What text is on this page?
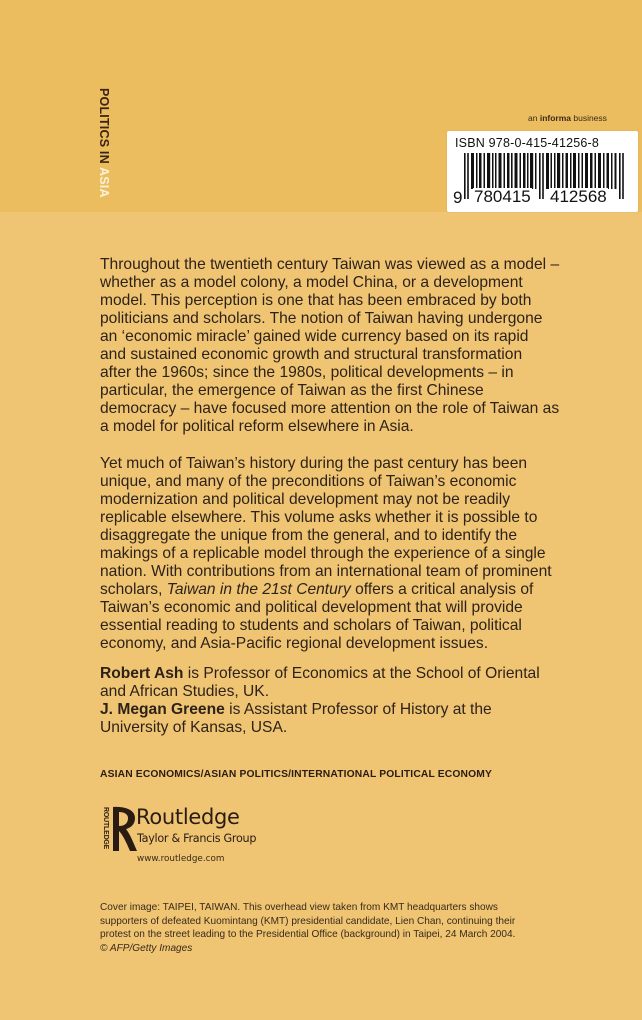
POLITICS IN ASIA
an informa business
ISBN 978-0-415-41256-8
9 780415 412568
Throughout the twentieth century Taiwan was viewed as a model –
whether as a model colony, a model China, or a development
model. This perception is one that has been embraced by both
politicians and scholars. The notion of Taiwan having undergone
an ‘economic miracle’ gained wide currency based on its rapid
and sustained economic growth and structural transformation
after the 1960s; since the 1980s, political developments – in
particular, the emergence of Taiwan as the first Chinese
democracy – have focused more attention on the role of Taiwan as
a model for political reform elsewhere in Asia.
Yet much of Taiwan’s history during the past century has been
unique, and many of the preconditions of Taiwan’s economic
modernization and political development may not be readily
replicable elsewhere. This volume asks whether it is possible to
disaggregate the unique from the general, and to identify the
makings of a replicable model through the experience of a single
nation. With contributions from an international team of prominent
scholars, Taiwan in the 21st Century offers a critical analysis of
Taiwan’s economic and political development that will provide
essential reading to students and scholars of Taiwan, political
economy, and Asia-Pacific regional development issues.
Robert Ash is Professor of Economics at the School of Oriental
and African Studies, UK.
J. Megan Greene is Assistant Professor of History at the
University of Kansas, USA.
ASIAN ECONOMICS/ASIAN POLITICS/INTERNATIONAL POLITICAL ECONOMY
ROUTLEDGE Routledge
Taylor & Francis Group
www.routledge.com
Cover image: TAIPEI, TAIWAN. This overhead view taken from KMT headquarters shows
supporters of defeated Kuomintang (KMT) presidential candidate, Lien Chan, continuing their
protest on the street leading to the Presidential Office (background) in Taipei, 24 March 2004.
© AFP/Getty Images
